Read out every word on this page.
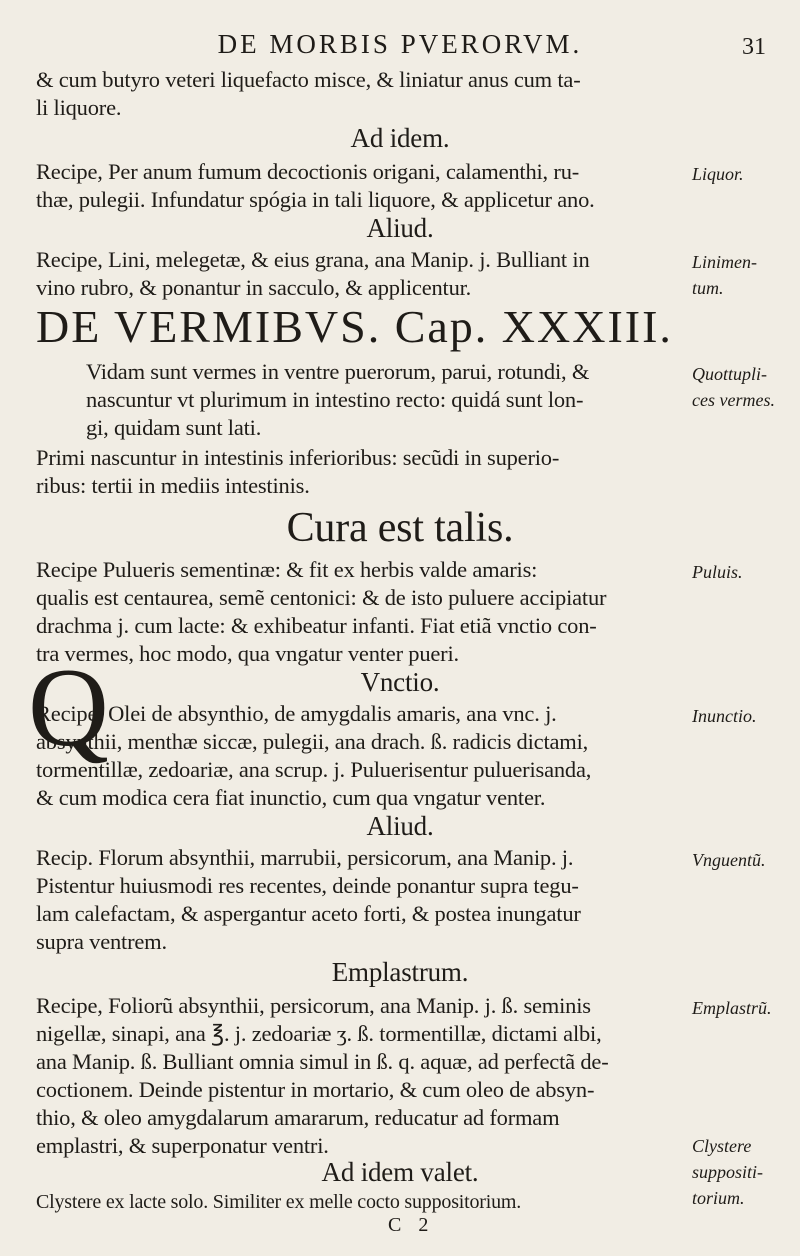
DE MORBIS PVERORVM.	31
& cum butyro veteri liquefacto misce, & liniatur anus cum ta-
li liquore.
Ad idem.
Recipe, Per anum fumum decoctionis origani, calamenthi, ru-
thæ, pulegii. Infundatur spógia in tali liquore, & applicetur ano.
Aliud.
Recipe, Lini, melegetæ, & eius grana, ana Manip. j. Bulliant in
vino rubro, & ponantur in sacculo, & applicentur.
DE VERMIBVS. Cap. XXXIII.
Q
Vidam sunt vermes in ventre puerorum, parui, rotundi, &
nascuntur vt plurimum in intestino recto: quidá sunt lon-
gi, quidam sunt lati.
Primi nascuntur in intestinis inferioribus: secũdi in superio-
ribus: tertii in mediis intestinis.
Cura est talis.
Recipe Pulueris sementinæ: & fit ex herbis valde amaris:
qualis est centaurea, semẽ centonici: & de isto puluere accipiatur
drachma j. cum lacte: & exhibeatur infanti. Fiat etiã vnctio con-
tra vermes, hoc modo, qua vngatur venter pueri.
Vnctio.
Recipe, Olei de absynthio, de amygdalis amaris, ana vnc. j.
absynthii, menthæ siccæ, pulegii, ana drach. ß. radicis dictami,
tormentillæ, zedoariæ, ana scrup. j. Puluerisentur puluerisanda,
& cum modica cera fiat inunctio, cum qua vngatur venter.
Aliud.
Recip. Florum absynthii, marrubii, persicorum, ana Manip. j.
Pistentur huiusmodi res recentes, deinde ponantur supra tegu-
lam calefactam, & aspergantur aceto forti, & postea inungatur
supra ventrem.
Emplastrum.
Recipe, Foliorũ absynthii, persicorum, ana Manip. j. ß. seminis
nigellæ, sinapi, ana ℥. j. zedoariæ ʒ. ß. tormentillæ, dictami albi,
ana Manip. ß. Bulliant omnia simul in ß. q. aquæ, ad perfectã de-
coctionem. Deinde pistentur in mortario, & cum oleo de absyn-
thio, & oleo amygdalarum amararum, reducatur ad formam
emplastri, & superponatur ventri.
Ad idem valet.
Clystere ex lacte solo. Similiter ex melle cocto suppositorium.
Liquor.
Linimen-
tum.
Quottupli-
ces vermes.
Puluis.
Inunctio.
Vnguentũ.
Emplastrũ.
Clystere
suppositi-
torium.
C 2
